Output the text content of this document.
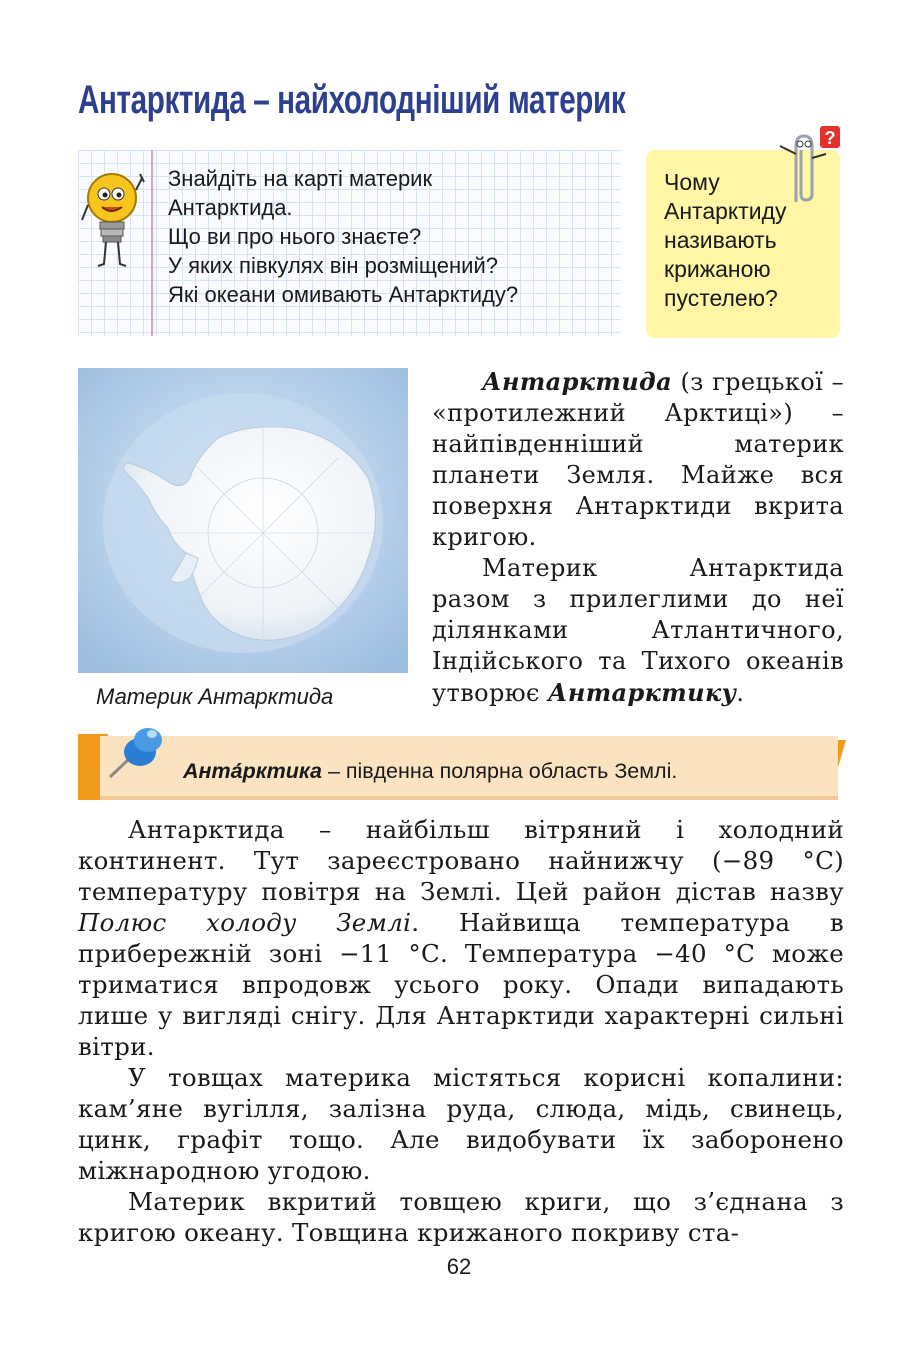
Антарктида – найхолодніший материк
Знайдіть на карті материк
Антарктида.
Що ви про нього знаєте?
У яких півкулях він розміщений?
Які океани омивають Антарктиду?
Чому
Антарктиду
називають
крижаною
пустелею?
?
Материк Антарктида

Антарктида (з грецької – «протилежний Арктиці») – найпівденніший материк планети Земля. Майже вся поверхня Антарктиди вкрита кригою.

Материк Антарктида разом з прилеглими до неї ділянками Атлантичного, Індійського та Тихого океанів утворює Антарктику.

Анта́рктика – південна полярна область Землі.

Антарктида – найбільш вітряний і холодний континент. Тут зареєстровано найнижчу (−89 °С) температуру повітря на Землі. Цей район дістав назву Полюс холоду Землі. Найвища температура в прибережній зоні −11 °С. Температура −40 °С може триматися впродовж усього року. Опади випадають лише у вигляді снігу. Для Антарктиди характерні сильні вітри.

У товщах материка містяться корисні копалини: кам’яне вугілля, залізна руда, слюда, мідь, свинець, цинк, графіт тощо. Але видобувати їх заборонено міжнародною угодою.

Материк вкритий товщею криги, що з’єднана з кригою океану. Товщина крижаного покриву ста-

62
